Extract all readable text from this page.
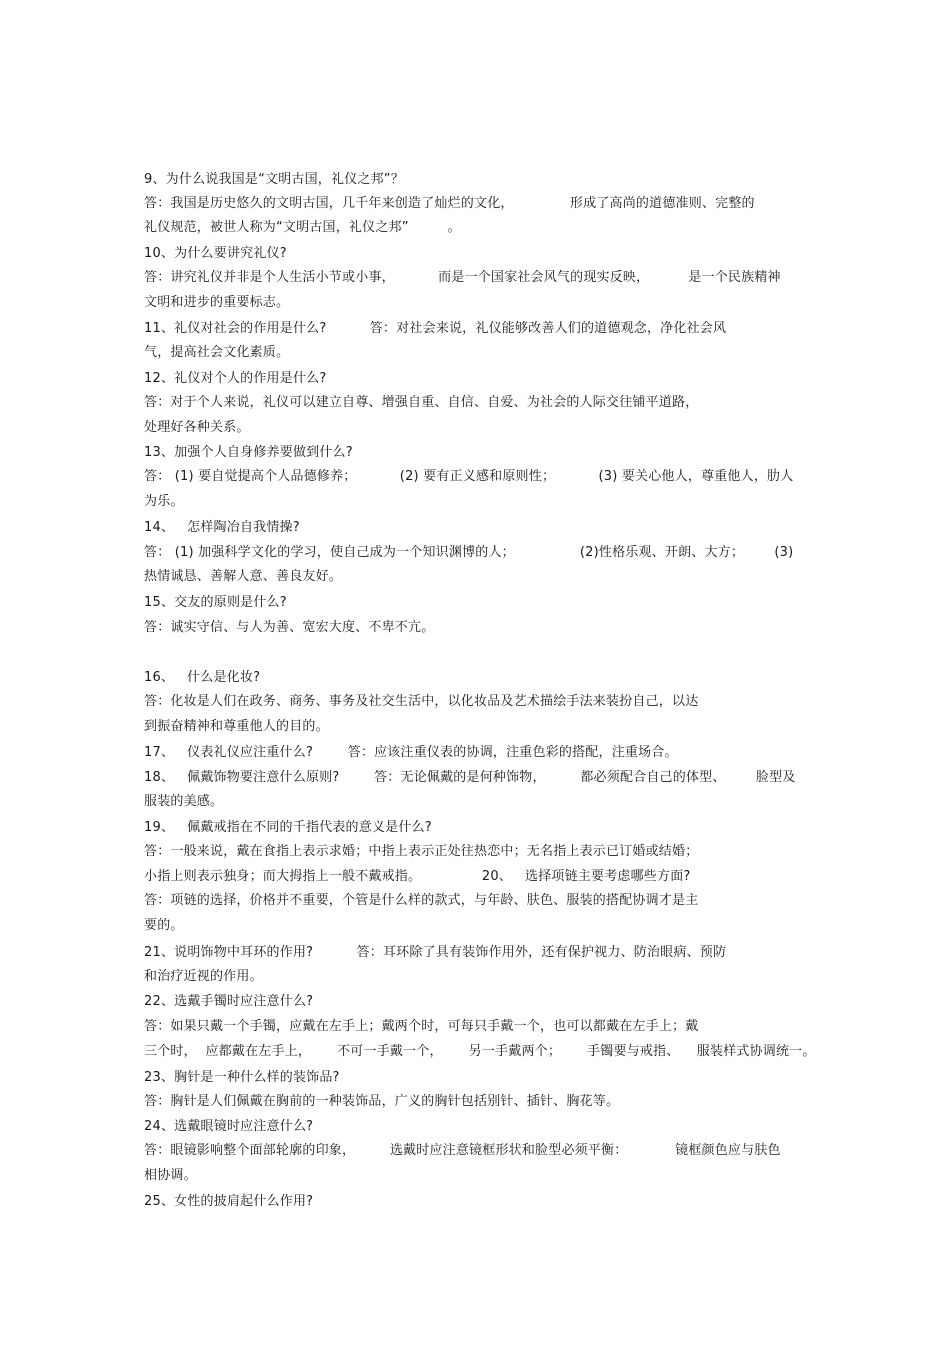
9、为什么说我国是“文明古国，礼仪之邦”？
答：我国是历史悠久的文明古国，几千年来创造了灿烂的文化，             形成了高尚的道德准则、完整的
礼仪规范，被世人称为“文明古国，礼仪之邦”         。
10、为什么要讲究礼仪?
答：讲究礼仪并非是个人生活小节或小事，          而是一个国家社会风气的现实反映，         是一个民族精神
文明和进步的重要标志。
11、礼仪对社会的作用是什么?          答：对社会来说，礼仪能够改善人们的道德观念，净化社会风
气，提高社会文化素质。
12、礼仪对个人的作用是什么?
答：对于个人来说，礼仪可以建立自尊、增强自重、自信、自爱、为社会的人际交往铺平道路，
处理好各种关系。
13、加强个人自身修养要做到什么?
答： (1) 要自觉提高个人品德修养；          (2) 要有正义感和原则性；          (3) 要关心他人，尊重他人，肋人
为乐。
14、   怎样陶冶自我情操?
答： (1) 加强科学文化的学习，使自己成为一个知识渊博的人；               (2)性格乐观、开朗、大方；       (3)
热情诚恳、善解人意、善良友好。
15、交友的原则是什么?
答：诚实守信、与人为善、宽宏大度、不卑不亢。
16、   什么是化妆?
答：化妆是人们在政务、商务、事务及社交生活中，以化妆品及艺术描绘手法来装扮自己，以达
到振奋精神和尊重他人的目的。
17、   仪表礼仪应注重什么?        答：应该注重仪表的协调，注重色彩的搭配，注重场合。
18、   佩戴饰物要注意什么原则?        答：无论佩戴的是何种饰物，        都必须配合自己的体型、       脸型及
服装的美感。
19、   佩戴戒指在不同的千指代表的意义是什么?
答：一般来说，戴在食指上表示求婚；中指上表示正处往热恋中；无名指上表示已订婚或结婚；
小指上则表示独身；而大拇指上一般不戴戒指。              20、   选择项链主要考虑哪些方面?
答：项链的选择，价格并不重要，个管是什么样的款式，与年龄、肤色、服装的搭配协调才是主
要的。
21、说明饰物中耳环的作用?          答：耳环除了具有装饰作用外，还有保护视力、防治眼病、预防
和治疗近视的作用。
22、选戴手镯时应注意什么?
答：如果只戴一个手镯，应戴在左手上；戴两个时，可每只手戴一个，也可以都戴在左手上；戴
三个时，  应都戴在左手上，      不可一手戴一个，      另一手戴两个；      手镯要与戒指、    服装样式协调统一。
23、胸针是一种什么样的装饰品?
答：胸针是人们佩戴在胸前的一种装饰品，广义的胸针包括别针、插针、胸花等。
24、选戴眼镜时应注意什么?
答：眼镜影响整个面部轮廓的印象，        选戴时应注意镜框形状和脸型必须平衡：           镜框颜色应与肤色
相协调。
25、女性的披肩起什么作用?
